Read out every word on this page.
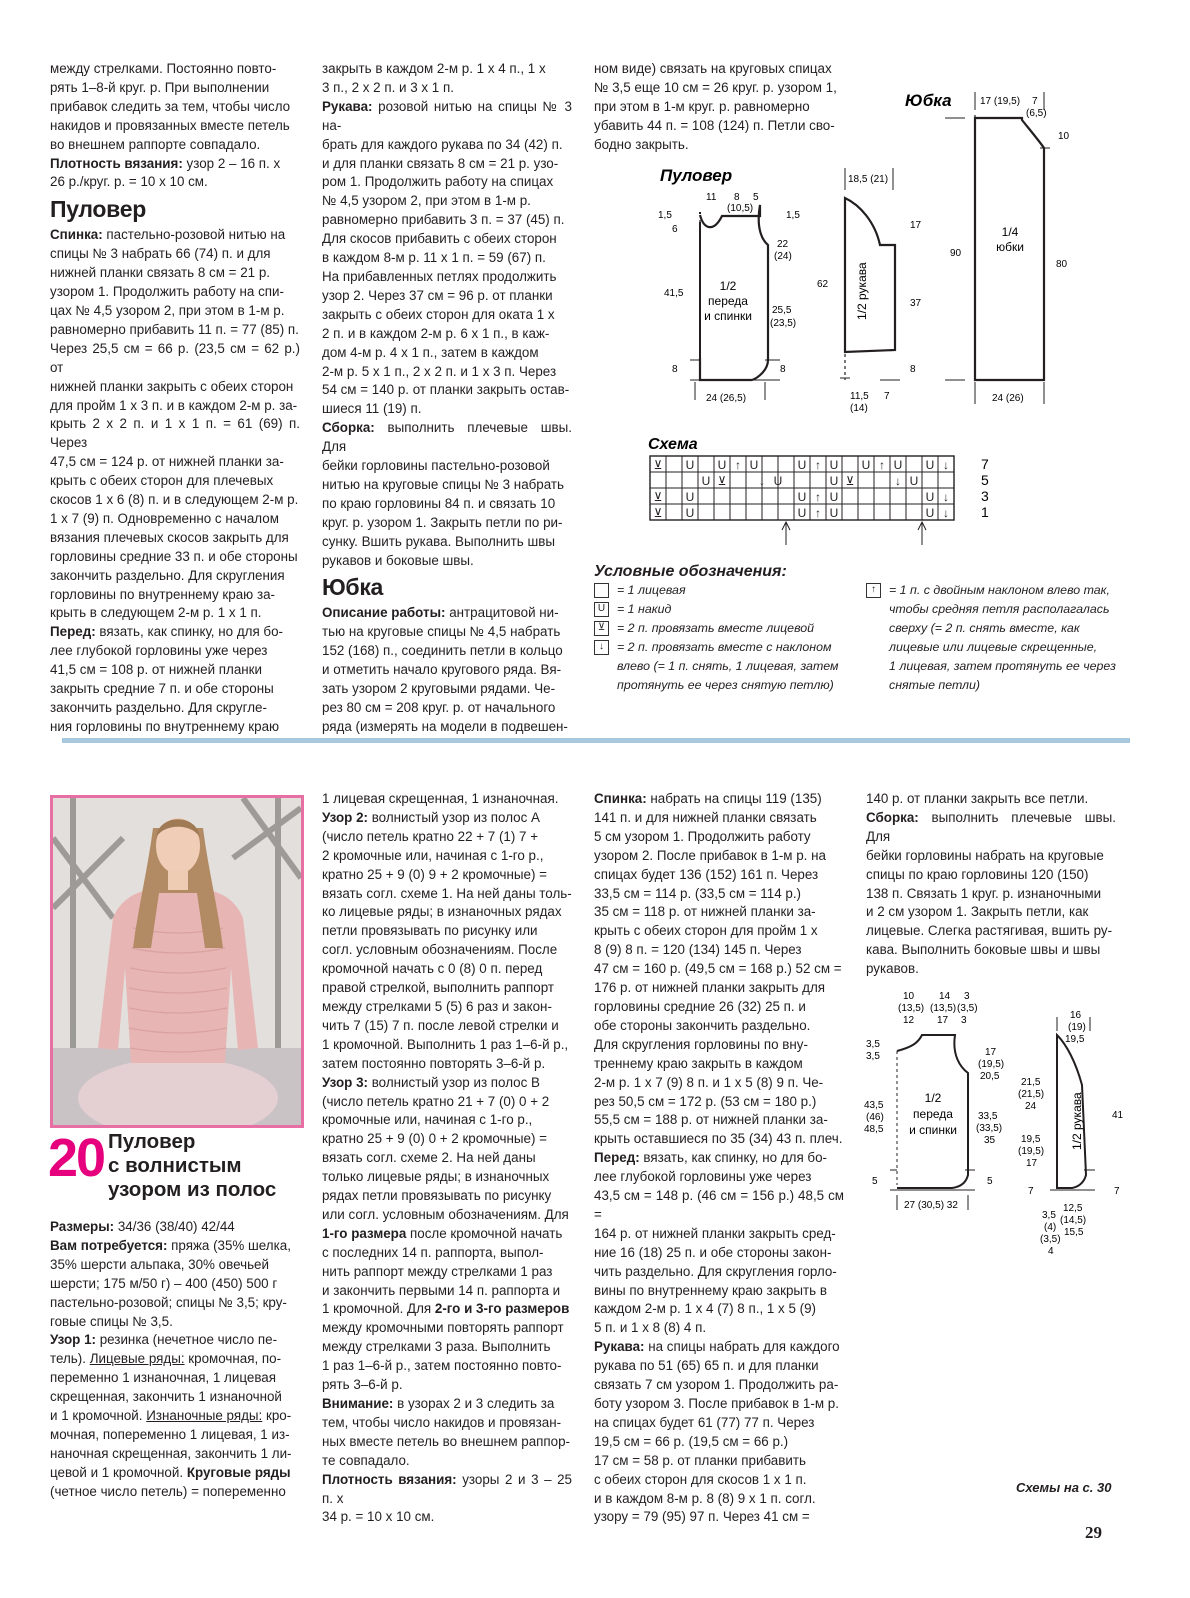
между стрелками. Постоянно повто-

рять 1–8-й круг. р. При выполнении

прибавок следить за тем, чтобы число

накидов и провязанных вместе петель

во внешнем раппорте совпадало.

Плотность вязания: узор 2 – 16 п. х

26 р./круг. р. = 10 х 10 см.

Пуловер

Спинка: пастельно-розовой нитью на

спицы № 3 набрать 66 (74) п. и для

нижней планки связать 8 см = 21 р.

узором 1. Продолжить работу на спи-

цах № 4,5 узором 2, при этом в 1-м р.

равномерно прибавить 11 п. = 77 (85) п.

Через 25,5 см = 66 р. (23,5 см = 62 р.) от

нижней планки закрыть с обеих сторон

для пройм 1 х 3 п. и в каждом 2-м р. за-

крыть 2 х 2 п. и 1 х 1 п. = 61 (69) п. Через

47,5 см = 124 р. от нижней планки за-

крыть с обеих сторон для плечевых

скосов 1 х 6 (8) п. и в следующем 2-м р.

1 х 7 (9) п. Одновременно с началом

вязания плечевых скосов закрыть для

горловины средние 33 п. и обе стороны

закончить раздельно. Для скругления

горловины по внутреннему краю за-

крыть в следующем 2-м р. 1 х 1 п.

Перед: вязать, как спинку, но для бо-

лее глубокой горловины уже через

41,5 см = 108 р. от нижней планки

закрыть средние 7 п. и обе стороны

закончить раздельно. Для скругле-

ния горловины по внутреннему краю

закрыть в каждом 2-м р. 1 х 4 п., 1 х

3 п., 2 х 2 п. и 3 х 1 п.

Рукава: розовой нитью на спицы № 3 на-

брать для каждого рукава по 34 (42) п.

и для планки связать 8 см = 21 р. узо-

ром 1. Продолжить работу на спицах

№ 4,5 узором 2, при этом в 1-м р.

равномерно прибавить 3 п. = 37 (45) п.

Для скосов прибавить с обеих сторон

в каждом 8-м р. 11 х 1 п. = 59 (67) п.

На прибавленных петлях продолжить

узор 2. Через 37 см = 96 р. от планки

закрыть с обеих сторон для оката 1 х

2 п. и в каждом 2-м р. 6 х 1 п., в каж-

дом 4-м р. 4 х 1 п., затем в каждом

2-м р. 5 х 1 п., 2 х 2 п. и 1 х 3 п. Через

54 см = 140 р. от планки закрыть остав-

шиеся 11 (19) п.

Сборка: выполнить плечевые швы. Для

бейки горловины пастельно-розовой

нитью на круговые спицы № 3 набрать

по краю горловины 84 п. и связать 10

круг. р. узором 1. Закрыть петли по ри-

сунку. Вшить рукава. Выполнить швы

рукавов и боковые швы.

Юбка

Описание работы: антрацитовой ни-

тью на круговые спицы № 4,5 набрать

152 (168) п., соединить петли в кольцо

и отметить начало кругового ряда. Вя-

зать узором 2 круговыми рядами. Че-

рез 80 см = 208 круг. р. от начального

ряда (измерять на модели в подвешен-

ном виде) связать на круговых спицах

№ 3,5 еще 10 см = 26 круг. р. узором 1,

при этом в 1-м круг. р. равномерно

убавить 44 п. = 108 (124) п. Петли сво-

бодно закрыть.

Юбка
Пуловер
1/2
переда
и спинки
11 8 5
(10,5)
1,5
6
1,5
22
(24)
41,5
62
25,5
(23,5)
8	8
24 (26,5)
1/2 рукава
18,5 (21)
17
37
8
11,5
(14)
7
1/4
юбки
17 (19,5) 7
(6,5)
10
90
80
24 (26)
Схема
⊻ U U ↑ U	U ↑ U U ↑ U U ↓
U ⊻	↓ U	U ⊻	↓ U
⊻ U	U ↑ U	U ↓
⊻ U	U ↑ U	U ↓
7
5
3
1
Условные обозначения:
= 1 лицевая
U = 1 накид
⊻ = 2 п. провязать вместе лицевой
↓	= 2 п. провязать вместе с наклоном
влево (= 1 п. снять, 1 лицевая, затем
протянуть ее через снятую петлю)
↑	= 1 п. с двойным наклоном влево так,
чтобы средняя петля располагалась
сверху (= 2 п. снять вместе, как
лицевые или лицевые скрещенные,
1 лицевая, затем протянуть ее через
снятые петли)
20 Пуловер
с волнистым
узором из полос

Размеры: 34/36 (38/40) 42/44

Вам потребуется: пряжа (35% шелка,

35% шерсти альпака, 30% овечьей

шерсти; 175 м/50 г) – 400 (450) 500 г

пастельно-розовой; спицы № 3,5; кру-

говые спицы № 3,5.

Узор 1: резинка (нечетное число пе-

тель). Лицевые ряды: кромочная, по-

переменно 1 изнаночная, 1 лицевая

скрещенная, закончить 1 изнаночной

и 1 кромочной. Изнаночные ряды: кро-

мочная, попеременно 1 лицевая, 1 из-

наночная скрещенная, закончить 1 ли-

цевой и 1 кромочной. Круговые ряды

(четное число петель) = попеременно

1 лицевая скрещенная, 1 изнаночная.

Узор 2: волнистый узор из полос А

(число петель кратно 22 + 7 (1) 7 +

2 кромочные или, начиная с 1-го р.,

кратно 25 + 9 (0) 9 + 2 кромочные) =

вязать согл. схеме 1. На ней даны толь-

ко лицевые ряды; в изнаночных рядах

петли провязывать по рисунку или

согл. условным обозначениям. После

кромочной начать с 0 (8) 0 п. перед

правой стрелкой, выполнить раппорт

между стрелками 5 (5) 6 раз и закон-

чить 7 (15) 7 п. после левой стрелки и

1 кромочной. Выполнить 1 раз 1–6-й р.,

затем постоянно повторять 3–6-й р.

Узор 3: волнистый узор из полос В

(число петель кратно 21 + 7 (0) 0 + 2

кромочные или, начиная с 1-го р.,

кратно 25 + 9 (0) 0 + 2 кромочные) =

вязать согл. схеме 2. На ней даны

только лицевые ряды; в изнаночных

рядах петли провязывать по рисунку

или согл. условным обозначениям. Для

1-го размера после кромочной начать

с последних 14 п. раппорта, выпол-

нить раппорт между стрелками 1 раз

и закончить первыми 14 п. раппорта и

1 кромочной. Для 2-го и 3-го размеров

между кромочными повторять раппорт

между стрелками 3 раза. Выполнить

1 раз 1–6-й р., затем постоянно повто-

рять 3–6-й р.

Внимание: в узорах 2 и 3 следить за

тем, чтобы число накидов и провязан-

ных вместе петель во внешнем раппор-

те совпадало.

Плотность вязания: узоры 2 и 3 – 25 п. х

34 р. = 10 х 10 см.

Спинка: набрать на спицы 119 (135)

141 п. и для нижней планки связать

5 см узором 1. Продолжить работу

узором 2. После прибавок в 1-м р. на

спицах будет 136 (152) 161 п. Через

33,5 см = 114 р. (33,5 см = 114 р.)

35 см = 118 р. от нижней планки за-

крыть с обеих сторон для пройм 1 х

8 (9) 8 п. = 120 (134) 145 п. Через

47 см = 160 р. (49,5 см = 168 р.) 52 см =

176 р. от нижней планки закрыть для

горловины средние 26 (32) 25 п. и

обе стороны закончить раздельно.

Для скругления горловины по вну-

треннему краю закрыть в каждом

2-м р. 1 х 7 (9) 8 п. и 1 х 5 (8) 9 п. Че-

рез 50,5 см = 172 р. (53 см = 180 р.)

55,5 см = 188 р. от нижней планки за-

крыть оставшиеся по 35 (34) 43 п. плеч.

Перед: вязать, как спинку, но для бо-

лее глубокой горловины уже через

43,5 см = 148 р. (46 см = 156 р.) 48,5 см =

164 р. от нижней планки закрыть сред-

ние 16 (18) 25 п. и обе стороны закон-

чить раздельно. Для скругления горло-

вины по внутреннему краю закрыть в

каждом 2-м р. 1 х 4 (7) 8 п., 1 х 5 (9)

5 п. и 1 х 8 (8) 4 п.

Рукава: на спицы набрать для каждого

рукава по 51 (65) 65 п. и для планки

связать 7 см узором 1. Продолжить ра-

боту узором 3. После прибавок в 1-м р.

на спицах будет 61 (77) 77 п. Через

19,5 см = 66 р. (19,5 см = 66 р.)

17 см = 58 р. от планки прибавить

с обеих сторон для скосов 1 х 1 п.

и в каждом 8-м р. 8 (8) 9 х 1 п. согл.

узору = 79 (95) 97 п. Через 41 см =

140 р. от планки закрыть все петли.

Сборка: выполнить плечевые швы. Для

бейки горловины набрать на круговые

спицы по краю горловины 120 (150)

138 п. Связать 1 круг. р. изнаночными

и 2 см узором 1. Закрыть петли, как

лицевые. Слегка растягивая, вшить ру-

кава. Выполнить боковые швы и швы

рукавов.

1/2
переда
и спинки	1/2 рукава
10
(13,5)
12
14
(13,5)
17
3
(3,5)
3
3,5
3,5
43,5
(46)
48,5
5
17
(19,5)
20,5
33,5
(33,5)
35
5
27 (30,5) 32
16
(19)
19,5
21,5
(21,5)
24
19,5
(19,5)
17
7
41
7
3,5
(4)
(3,5)
4
12,5
(14,5)
15,5
Схемы на с. 30
29
